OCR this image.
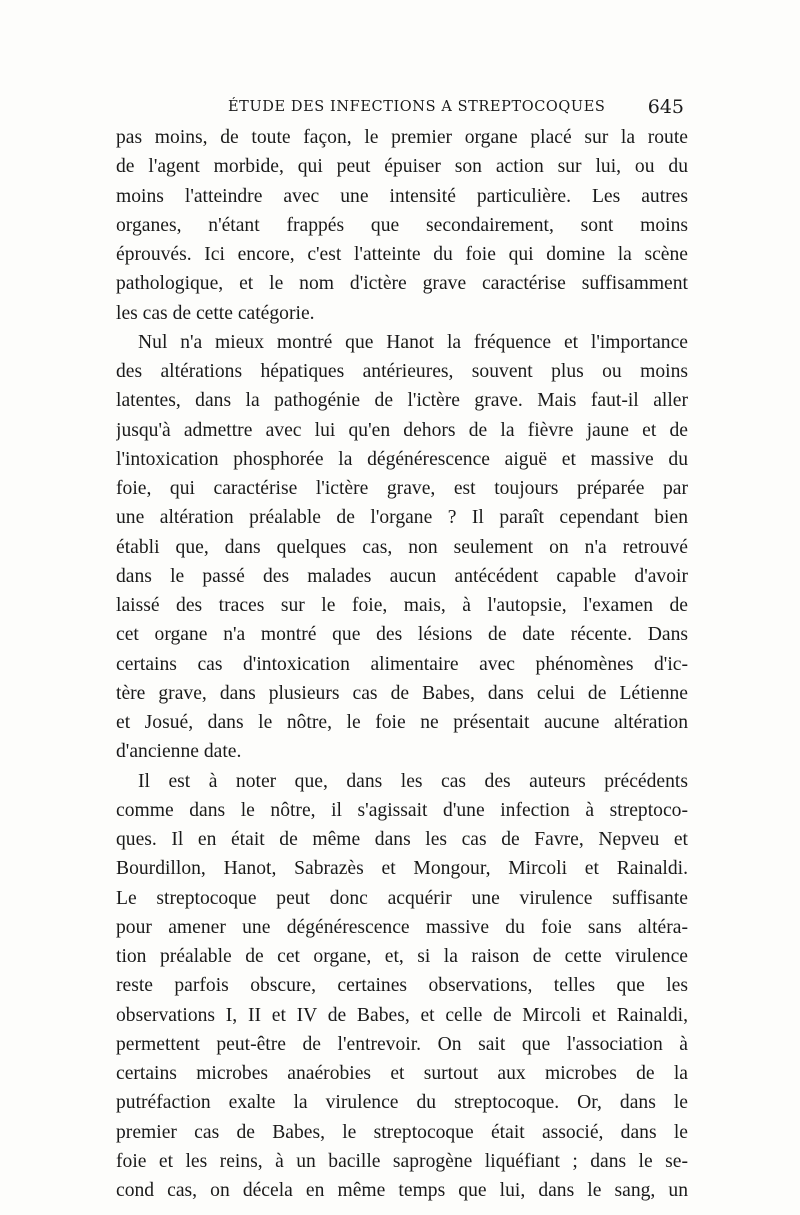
ÉTUDE DES INFECTIONS A STREPTOCOQUES 645
pas moins, de toute façon, le premier organe placé sur la route
de l'agent morbide, qui peut épuiser son action sur lui, ou du
moins l'atteindre avec une intensité particulière. Les autres
organes, n'étant frappés que secondairement, sont moins
éprouvés. Ici encore, c'est l'atteinte du foie qui domine la scène
pathologique, et le nom d'ictère grave caractérise suffisamment
les cas de cette catégorie.
Nul n'a mieux montré que Hanot la fréquence et l'importance
des altérations hépatiques antérieures, souvent plus ou moins
latentes, dans la pathogénie de l'ictère grave. Mais faut-il aller
jusqu'à admettre avec lui qu'en dehors de la fièvre jaune et de
l'intoxication phosphorée la dégénérescence aiguë et massive du
foie, qui caractérise l'ictère grave, est toujours préparée par
une altération préalable de l'organe ? Il paraît cependant bien
établi que, dans quelques cas, non seulement on n'a retrouvé
dans le passé des malades aucun antécédent capable d'avoir
laissé des traces sur le foie, mais, à l'autopsie, l'examen de
cet organe n'a montré que des lésions de date récente. Dans
certains cas d'intoxication alimentaire avec phénomènes d'ic-
tère grave, dans plusieurs cas de Babes, dans celui de Létienne
et Josué, dans le nôtre, le foie ne présentait aucune altération
d'ancienne date.
Il est à noter que, dans les cas des auteurs précédents
comme dans le nôtre, il s'agissait d'une infection à streptoco-
ques. Il en était de même dans les cas de Favre, Nepveu et
Bourdillon, Hanot, Sabrazès et Mongour, Mircoli et Rainaldi.
Le streptocoque peut donc acquérir une virulence suffisante
pour amener une dégénérescence massive du foie sans altéra-
tion préalable de cet organe, et, si la raison de cette virulence
reste parfois obscure, certaines observations, telles que les
observations I, II et IV de Babes, et celle de Mircoli et Rainaldi,
permettent peut-être de l'entrevoir. On sait que l'association à
certains microbes anaérobies et surtout aux microbes de la
putréfaction exalte la virulence du streptocoque. Or, dans le
premier cas de Babes, le streptocoque était associé, dans le
foie et les reins, à un bacille saprogène liquéfiant ; dans le se-
cond cas, on décela en même temps que lui, dans le sang, un
